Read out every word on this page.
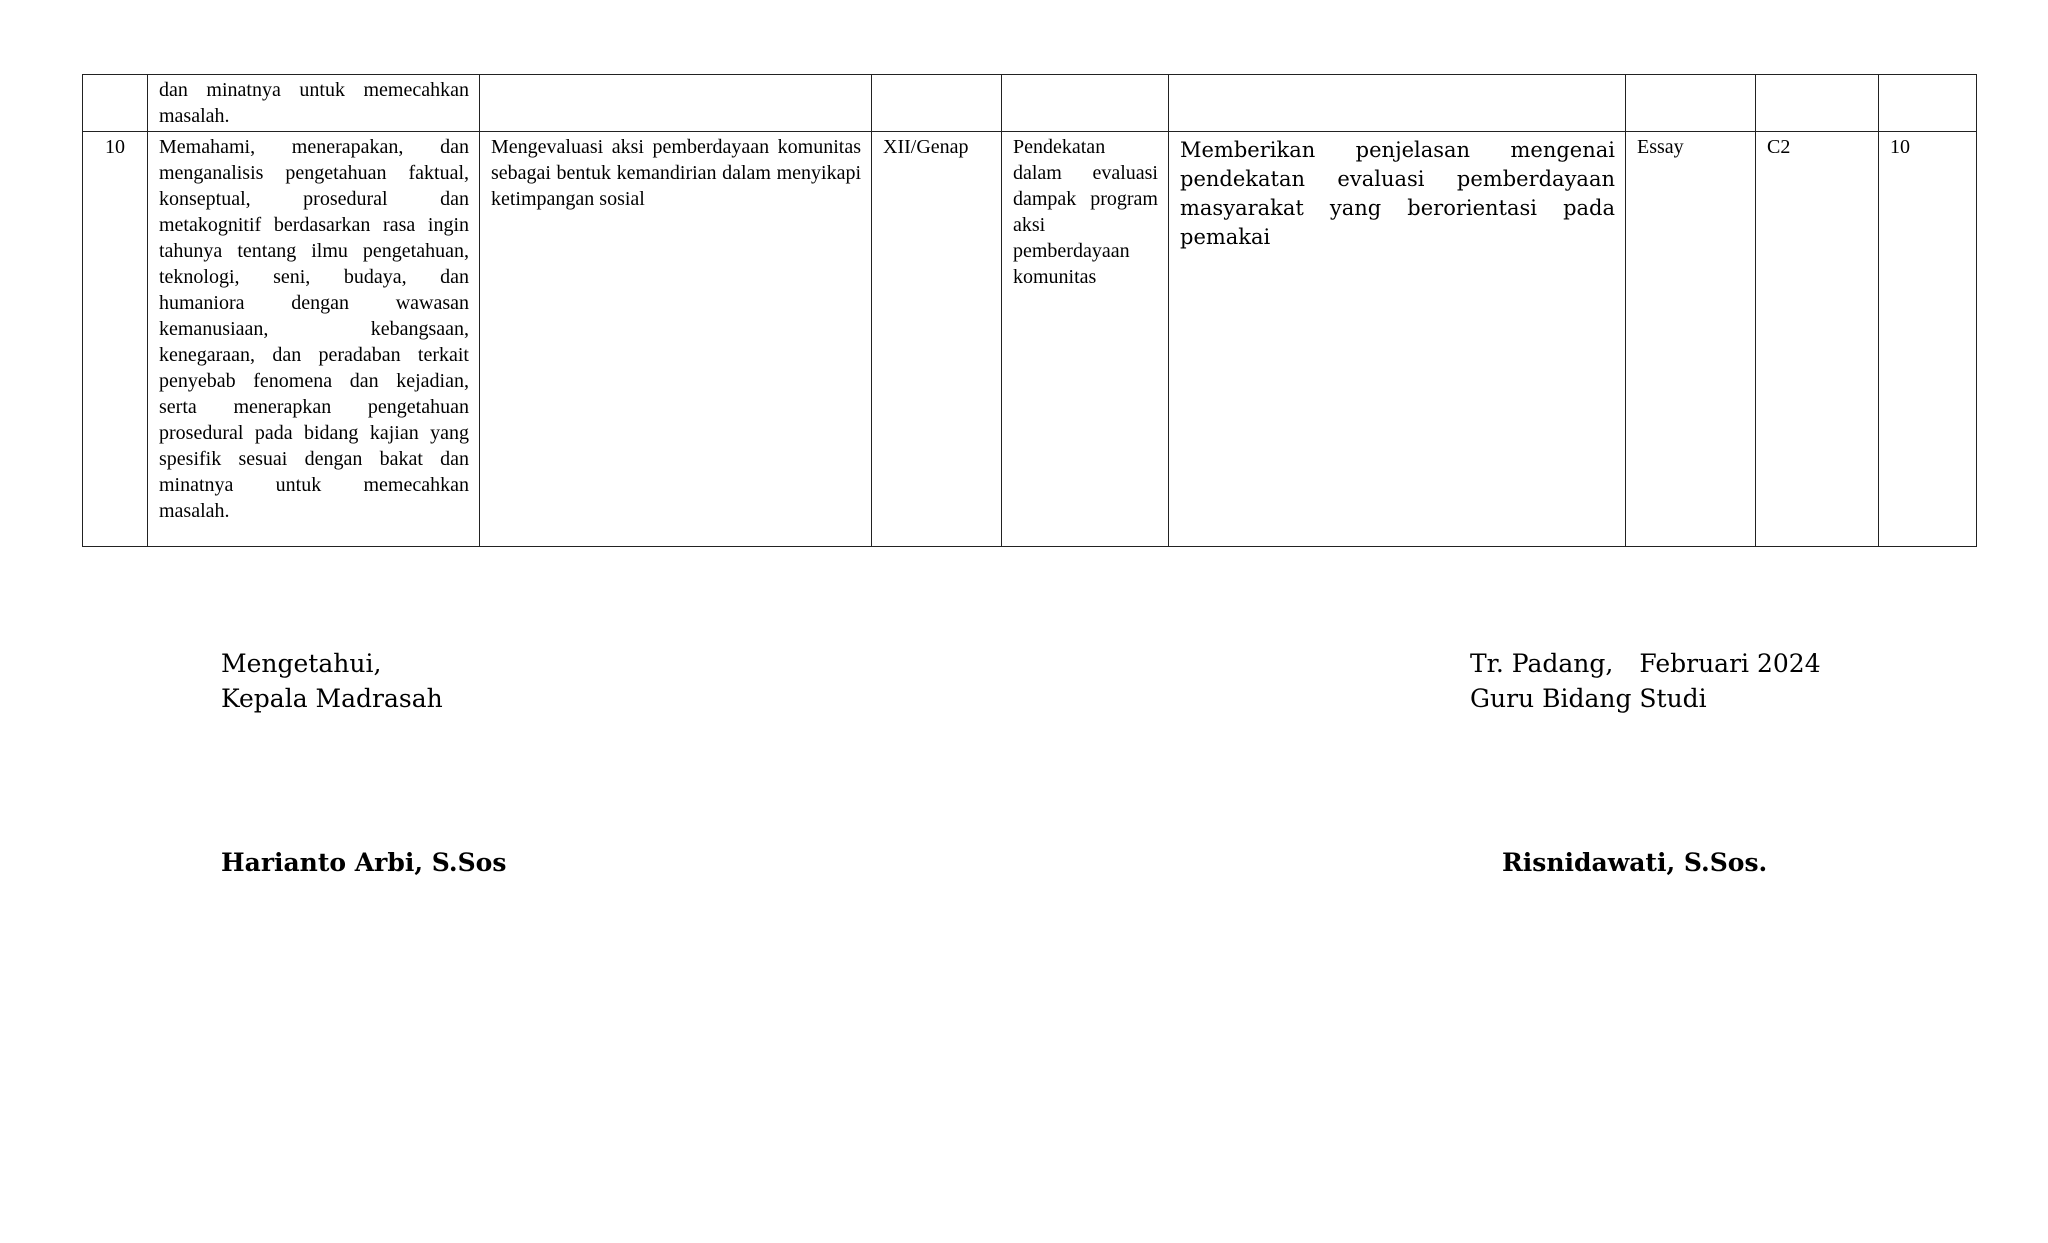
	dan minatnya untuk memecahkan masalah.							
10	Memahami, menerapakan, dan menganalisis pengetahuan faktual, konseptual, prosedural dan metakognitif berdasarkan rasa ingin tahunya tentang ilmu pengetahuan, teknologi, seni, budaya, dan humaniora dengan wawasan kemanusiaan, kebangsaan, kenegaraan, dan peradaban terkait penyebab fenomena dan kejadian, serta menerapkan pengetahuan prosedural pada bidang kajian yang spesifik sesuai dengan bakat dan minatnya untuk memecahkan masalah.	Mengevaluasi aksi pemberdayaan komunitas sebagai bentuk kemandirian dalam menyikapi ketimpangan sosial	XII/Genap	Pendekatan dalam evaluasi dampak program aksi pemberdayaan komunitas	Memberikan penjelasan mengenai pendekatan evaluasi pemberdayaan masyarakat yang berorientasi pada pemakai	Essay	C2	10
Mengetahui,
Kepala Madrasah
Harianto Arbi, S.Sos
Tr. Padang, Februari 2024
Guru Bidang Studi
Risnidawati, S.Sos.
